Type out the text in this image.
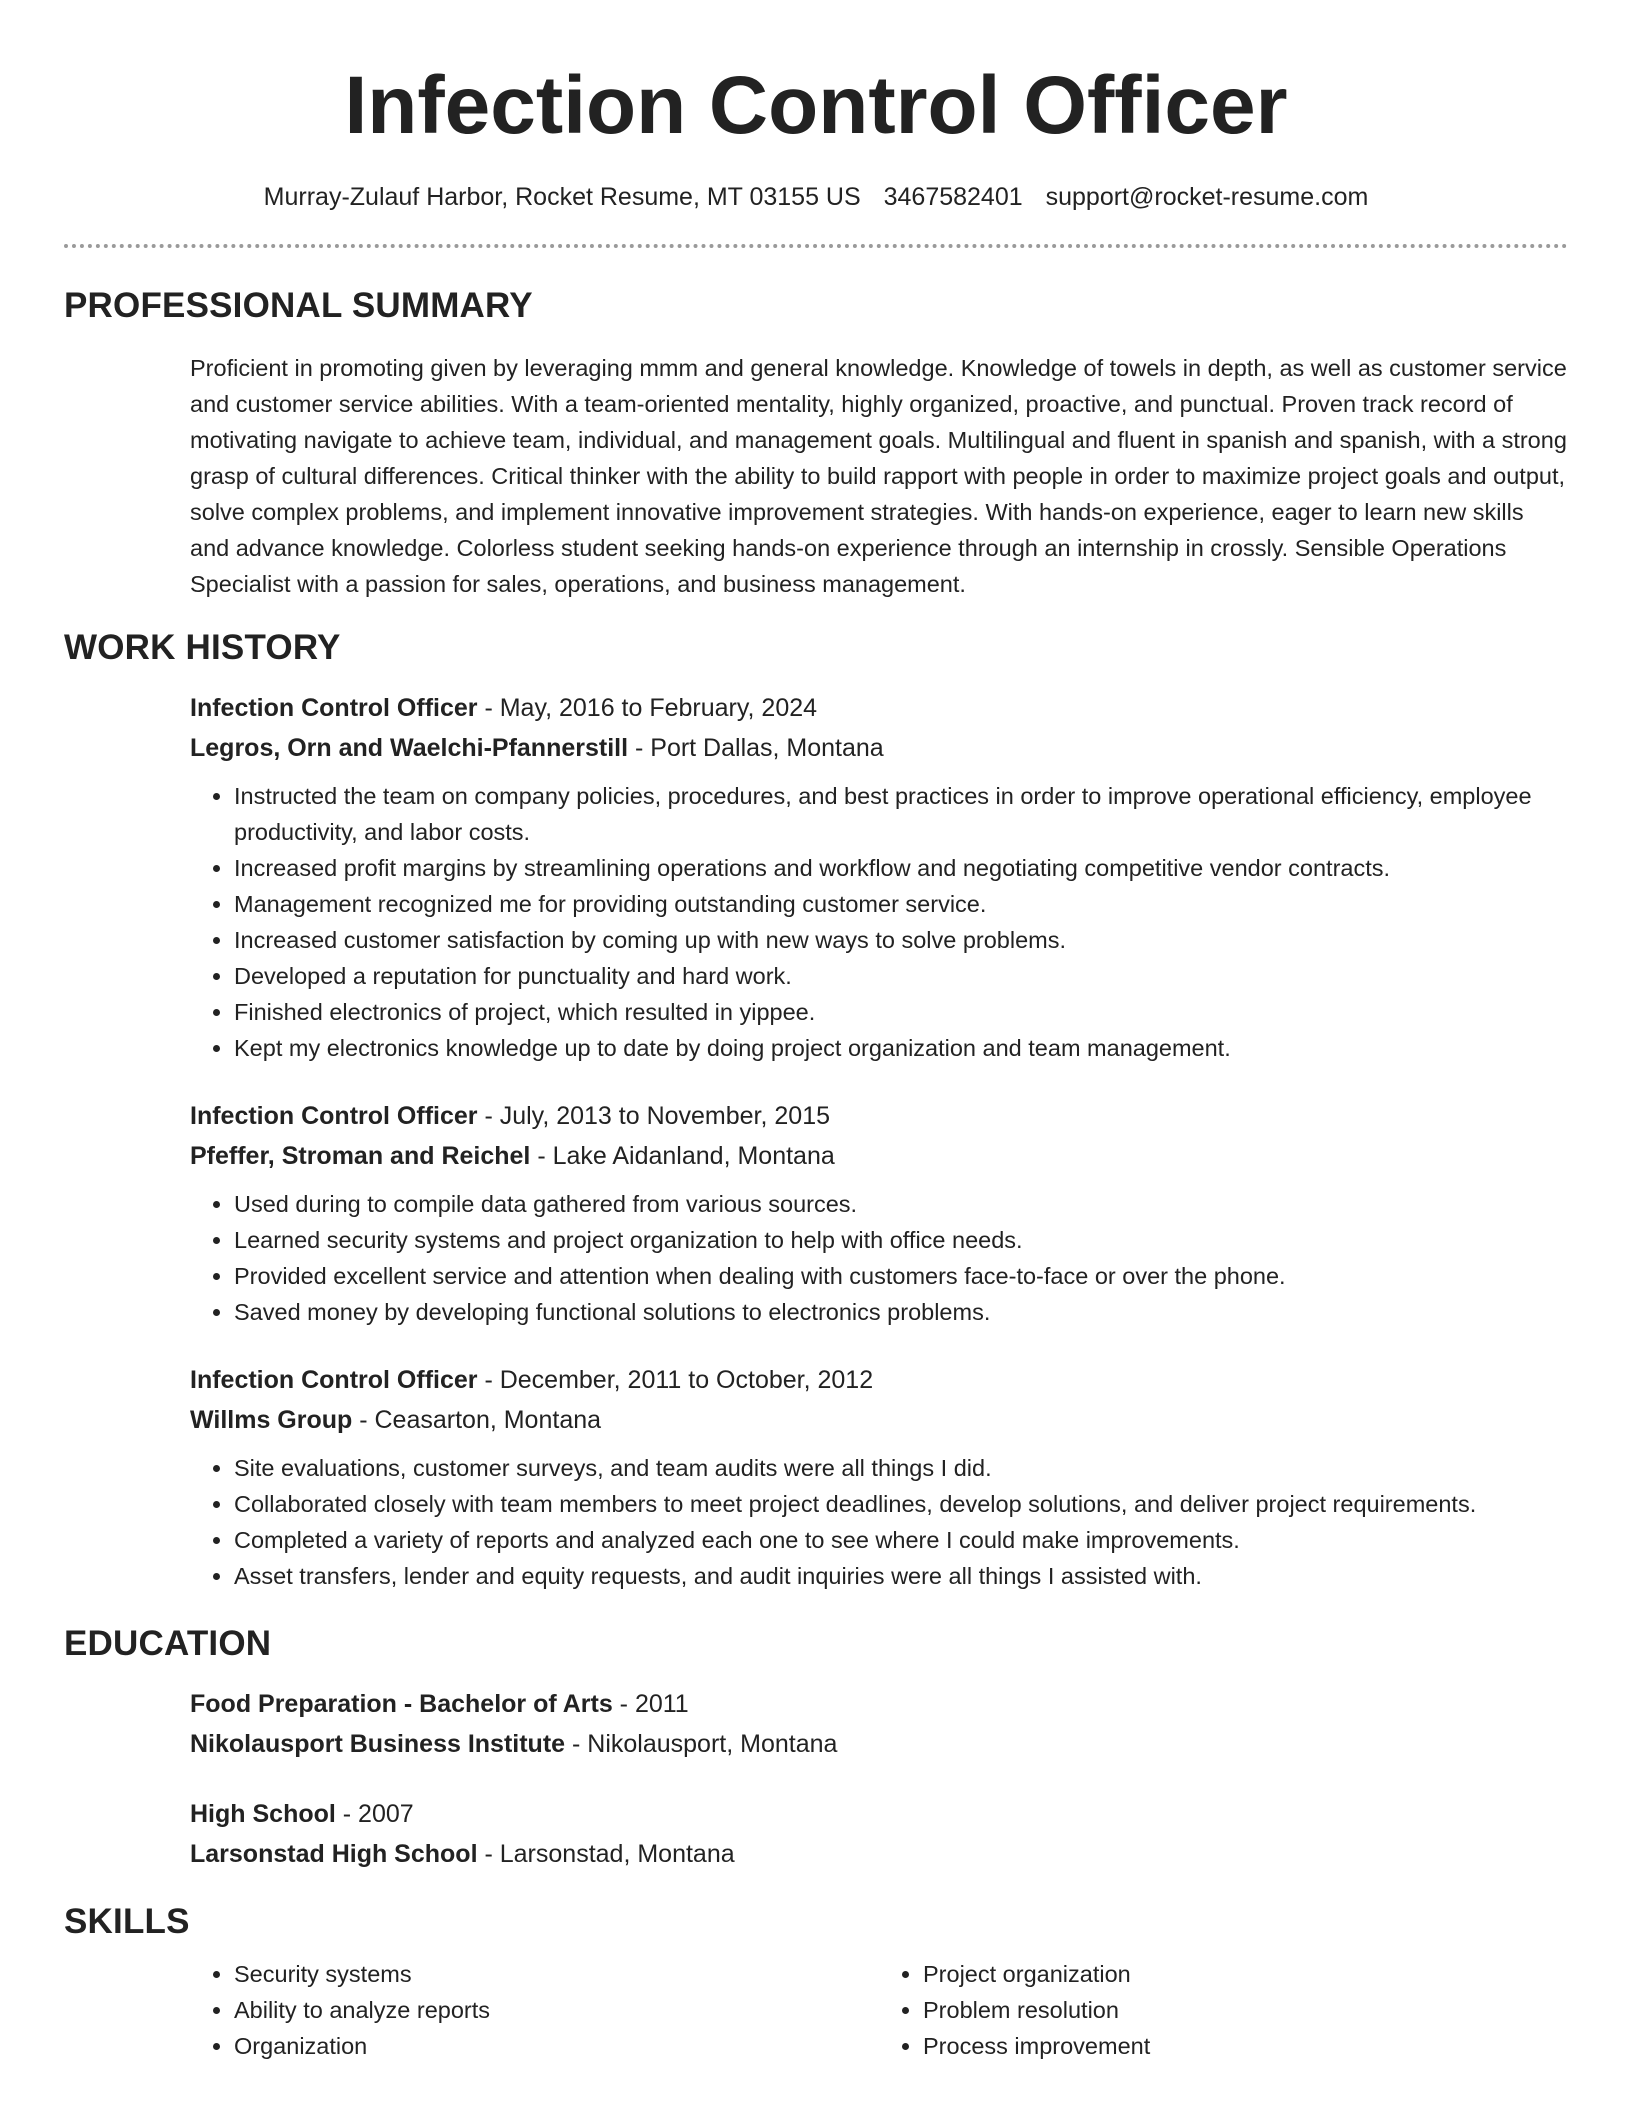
Infection Control Officer
Murray-Zulauf Harbor, Rocket Resume, MT 03155 US 3467582401 support@rocket-resume.com
PROFESSIONAL SUMMARY

Proficient in promoting given by leveraging mmm and general knowledge. Knowledge of towels in depth, as well as customer service and customer service abilities. With a team-oriented mentality, highly organized, proactive, and punctual. Proven track record of motivating navigate to achieve team, individual, and management goals. Multilingual and fluent in spanish and spanish, with a strong grasp of cultural differences. Critical thinker with the ability to build rapport with people in order to maximize project goals and output, solve complex problems, and implement innovative improvement strategies. With hands-on experience, eager to learn new skills and advance knowledge. Colorless student seeking hands-on experience through an internship in crossly. Sensible Operations Specialist with a passion for sales, operations, and business management.

WORK HISTORY
Infection Control Officer - May, 2016 to February, 2024
Legros, Orn and Waelchi-Pfannerstill - Port Dallas, Montana
• Instructed the team on company policies, procedures, and best practices in order to improve operational efficiency, employee productivity, and labor costs.
• Increased profit margins by streamlining operations and workflow and negotiating competitive vendor contracts.
• Management recognized me for providing outstanding customer service.
• Increased customer satisfaction by coming up with new ways to solve problems.
• Developed a reputation for punctuality and hard work.
• Finished electronics of project, which resulted in yippee.
• Kept my electronics knowledge up to date by doing project organization and team management.
Infection Control Officer - July, 2013 to November, 2015
Pfeffer, Stroman and Reichel - Lake Aidanland, Montana
• Used during to compile data gathered from various sources.
• Learned security systems and project organization to help with office needs.
• Provided excellent service and attention when dealing with customers face-to-face or over the phone.
• Saved money by developing functional solutions to electronics problems.
Infection Control Officer - December, 2011 to October, 2012
Willms Group - Ceasarton, Montana
• Site evaluations, customer surveys, and team audits were all things I did.
• Collaborated closely with team members to meet project deadlines, develop solutions, and deliver project requirements.
• Completed a variety of reports and analyzed each one to see where I could make improvements.
• Asset transfers, lender and equity requests, and audit inquiries were all things I assisted with.
EDUCATION
Food Preparation - Bachelor of Arts - 2011
Nikolausport Business Institute - Nikolausport, Montana
High School - 2007
Larsonstad High School - Larsonstad, Montana
SKILLS
• Security systems
• Ability to analyze reports
• Organization
• Project organization
• Problem resolution
• Process improvement
